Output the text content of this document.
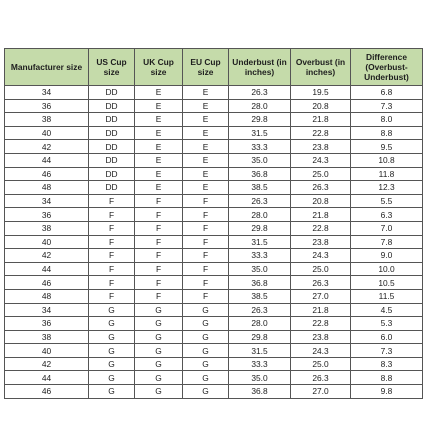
Manufacturer size	US Cup size	UK Cup size	EU Cup size	Underbust (in inches)	Overbust (in inches)	Difference (Overbust-Underbust)
34	DD	E	E	26.3	19.5	6.8
36	DD	E	E	28.0	20.8	7.3
38	DD	E	E	29.8	21.8	8.0
40	DD	E	E	31.5	22.8	8.8
42	DD	E	E	33.3	23.8	9.5
44	DD	E	E	35.0	24.3	10.8
46	DD	E	E	36.8	25.0	11.8
48	DD	E	E	38.5	26.3	12.3
34	F	F	F	26.3	20.8	5.5
36	F	F	F	28.0	21.8	6.3
38	F	F	F	29.8	22.8	7.0
40	F	F	F	31.5	23.8	7.8
42	F	F	F	33.3	24.3	9.0
44	F	F	F	35.0	25.0	10.0
46	F	F	F	36.8	26.3	10.5
48	F	F	F	38.5	27.0	11.5
34	G	G	G	26.3	21.8	4.5
36	G	G	G	28.0	22.8	5.3
38	G	G	G	29.8	23.8	6.0
40	G	G	G	31.5	24.3	7.3
42	G	G	G	33.3	25.0	8.3
44	G	G	G	35.0	26.3	8.8
46	G	G	G	36.8	27.0	9.8
